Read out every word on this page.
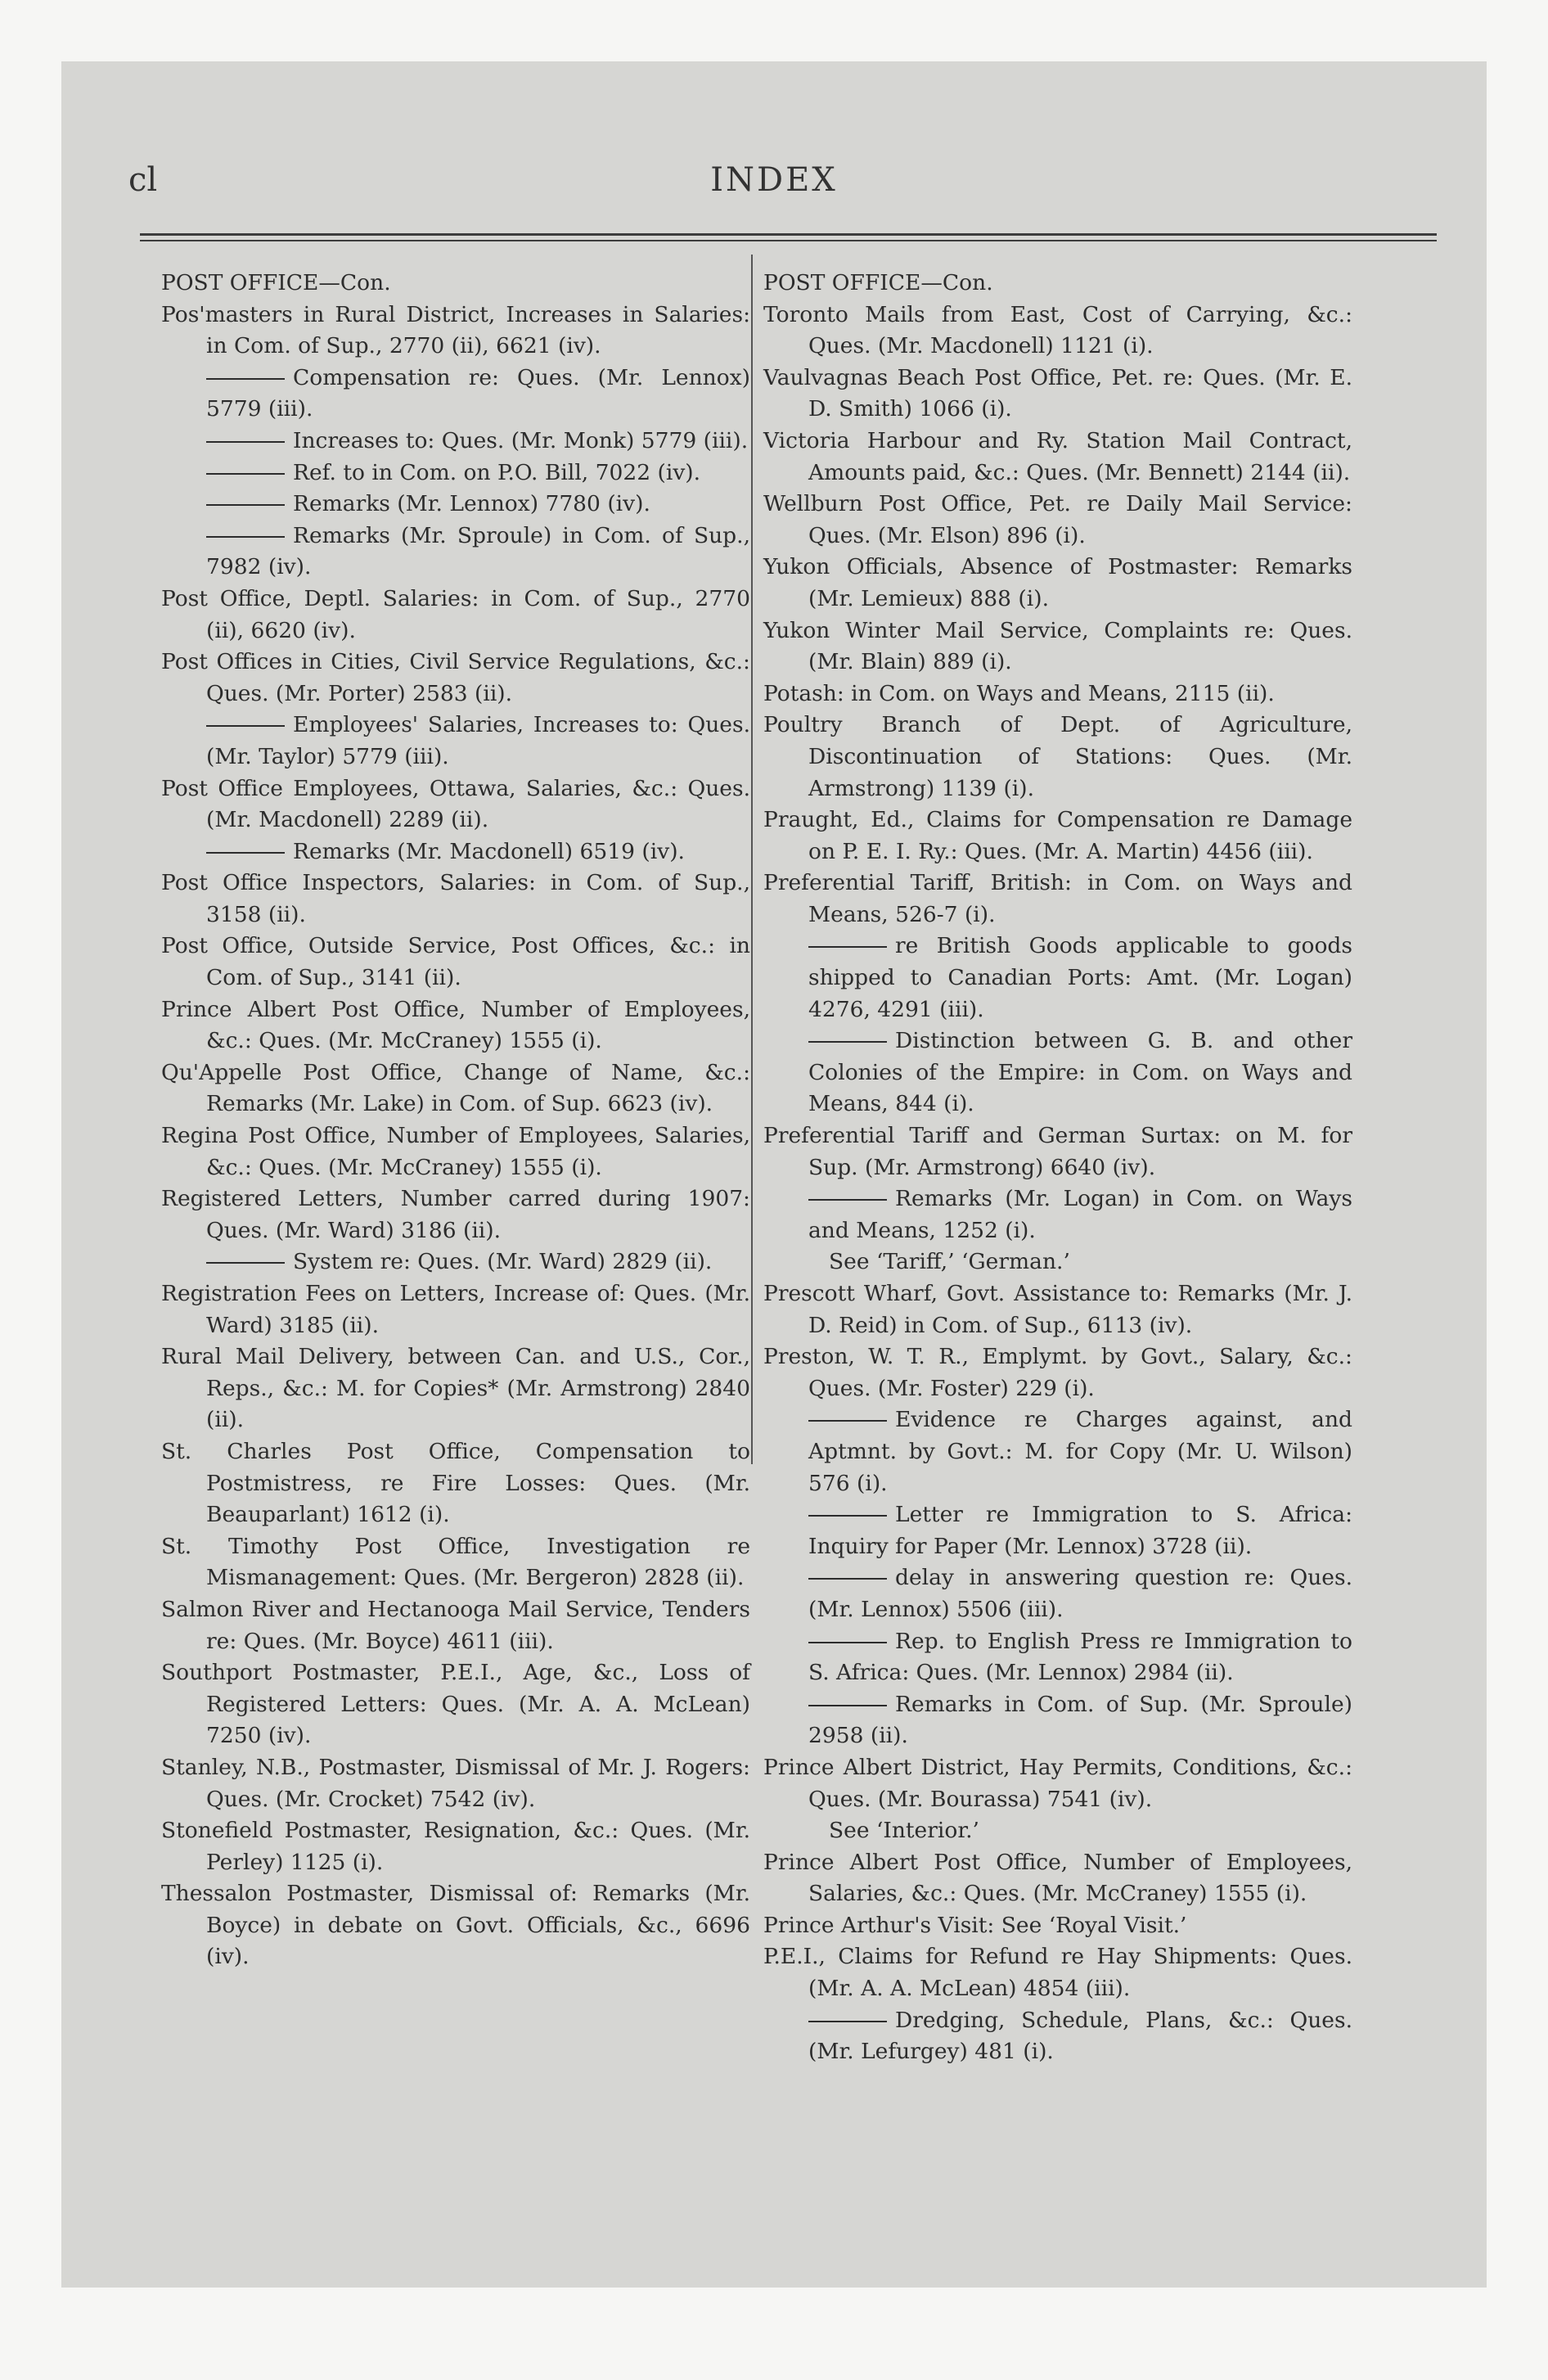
cl	INDEX
POST OFFICE—Con.
Pos'masters in Rural District, Increases in Salaries: in Com. of Sup., 2770 (ii), 6621 (iv).
Compensation re: Ques. (Mr. Lennox) 5779 (iii).
Increases to: Ques. (Mr. Monk) 5779 (iii).
Ref. to in Com. on P.O. Bill, 7022 (iv).
Remarks (Mr. Lennox) 7780 (iv).
Remarks (Mr. Sproule) in Com. of Sup., 7982 (iv).
Post Office, Deptl. Salaries: in Com. of Sup., 2770 (ii), 6620 (iv).
Post Offices in Cities, Civil Service Regulations, &c.: Ques. (Mr. Porter) 2583 (ii).
Employees' Salaries, Increases to: Ques. (Mr. Taylor) 5779 (iii).
Post Office Employees, Ottawa, Salaries, &c.: Ques. (Mr. Macdonell) 2289 (ii).
Remarks (Mr. Macdonell) 6519 (iv).
Post Office Inspectors, Salaries: in Com. of Sup., 3158 (ii).
Post Office, Outside Service, Post Offices, &c.: in Com. of Sup., 3141 (ii).
Prince Albert Post Office, Number of Employees, &c.: Ques. (Mr. McCraney) 1555 (i).
Qu'Appelle Post Office, Change of Name, &c.: Remarks (Mr. Lake) in Com. of Sup. 6623 (iv).
Regina Post Office, Number of Employees, Salaries, &c.: Ques. (Mr. McCraney) 1555 (i).
Registered Letters, Number carred during 1907: Ques. (Mr. Ward) 3186 (ii).
System re: Ques. (Mr. Ward) 2829 (ii).
Registration Fees on Letters, Increase of: Ques. (Mr. Ward) 3185 (ii).
Rural Mail Delivery, between Can. and U.S., Cor., Reps., &c.: M. for Copies* (Mr. Armstrong) 2840 (ii).
St. Charles Post Office, Compensation to Postmistress, re Fire Losses: Ques. (Mr. Beauparlant) 1612 (i).
St. Timothy Post Office, Investigation re Mismanagement: Ques. (Mr. Bergeron) 2828 (ii).
Salmon River and Hectanooga Mail Service, Tenders re: Ques. (Mr. Boyce) 4611 (iii).
Southport Postmaster, P.E.I., Age, &c., Loss of Registered Letters: Ques. (Mr. A. A. McLean) 7250 (iv).
Stanley, N.B., Postmaster, Dismissal of Mr. J. Rogers: Ques. (Mr. Crocket) 7542 (iv).
Stonefield Postmaster, Resignation, &c.: Ques. (Mr. Perley) 1125 (i).
Thessalon Postmaster, Dismissal of: Remarks (Mr. Boyce) in debate on Govt. Officials, &c., 6696 (iv).
POST OFFICE—Con.
Toronto Mails from East, Cost of Carrying, &c.: Ques. (Mr. Macdonell) 1121 (i).
Vaulvagnas Beach Post Office, Pet. re: Ques. (Mr. E. D. Smith) 1066 (i).
Victoria Harbour and Ry. Station Mail Contract, Amounts paid, &c.: Ques. (Mr. Bennett) 2144 (ii).
Wellburn Post Office, Pet. re Daily Mail Service: Ques. (Mr. Elson) 896 (i).
Yukon Officials, Absence of Postmaster: Remarks (Mr. Lemieux) 888 (i).
Yukon Winter Mail Service, Complaints re: Ques. (Mr. Blain) 889 (i).
Potash: in Com. on Ways and Means, 2115 (ii).
Poultry Branch of Dept. of Agriculture, Discontinuation of Stations: Ques. (Mr. Armstrong) 1139 (i).
Praught, Ed., Claims for Compensation re Damage on P. E. I. Ry.: Ques. (Mr. A. Martin) 4456 (iii).
Preferential Tariff, British: in Com. on Ways and Means, 526-7 (i).
re British Goods applicable to goods shipped to Canadian Ports: Amt. (Mr. Logan) 4276, 4291 (iii).
Distinction between G. B. and other Colonies of the Empire: in Com. on Ways and Means, 844 (i).
Preferential Tariff and German Surtax: on M. for Sup. (Mr. Armstrong) 6640 (iv).
Remarks (Mr. Logan) in Com. on Ways and Means, 1252 (i).
See ‘Tariff,’ ‘German.’
Prescott Wharf, Govt. Assistance to: Remarks (Mr. J. D. Reid) in Com. of Sup., 6113 (iv).
Preston, W. T. R., Emplymt. by Govt., Salary, &c.: Ques. (Mr. Foster) 229 (i).
Evidence re Charges against, and Aptmnt. by Govt.: M. for Copy (Mr. U. Wilson) 576 (i).
Letter re Immigration to S. Africa: Inquiry for Paper (Mr. Lennox) 3728 (ii).
delay in answering question re: Ques. (Mr. Lennox) 5506 (iii).
Rep. to English Press re Immigration to S. Africa: Ques. (Mr. Lennox) 2984 (ii).
Remarks in Com. of Sup. (Mr. Sproule) 2958 (ii).
Prince Albert District, Hay Permits, Conditions, &c.: Ques. (Mr. Bourassa) 7541 (iv).
See ‘Interior.’
Prince Albert Post Office, Number of Employees, Salaries, &c.: Ques. (Mr. McCraney) 1555 (i).
Prince Arthur's Visit: See ‘Royal Visit.’
P.E.I., Claims for Refund re Hay Shipments: Ques. (Mr. A. A. McLean) 4854 (iii).
Dredging, Schedule, Plans, &c.: Ques. (Mr. Lefurgey) 481 (i).
